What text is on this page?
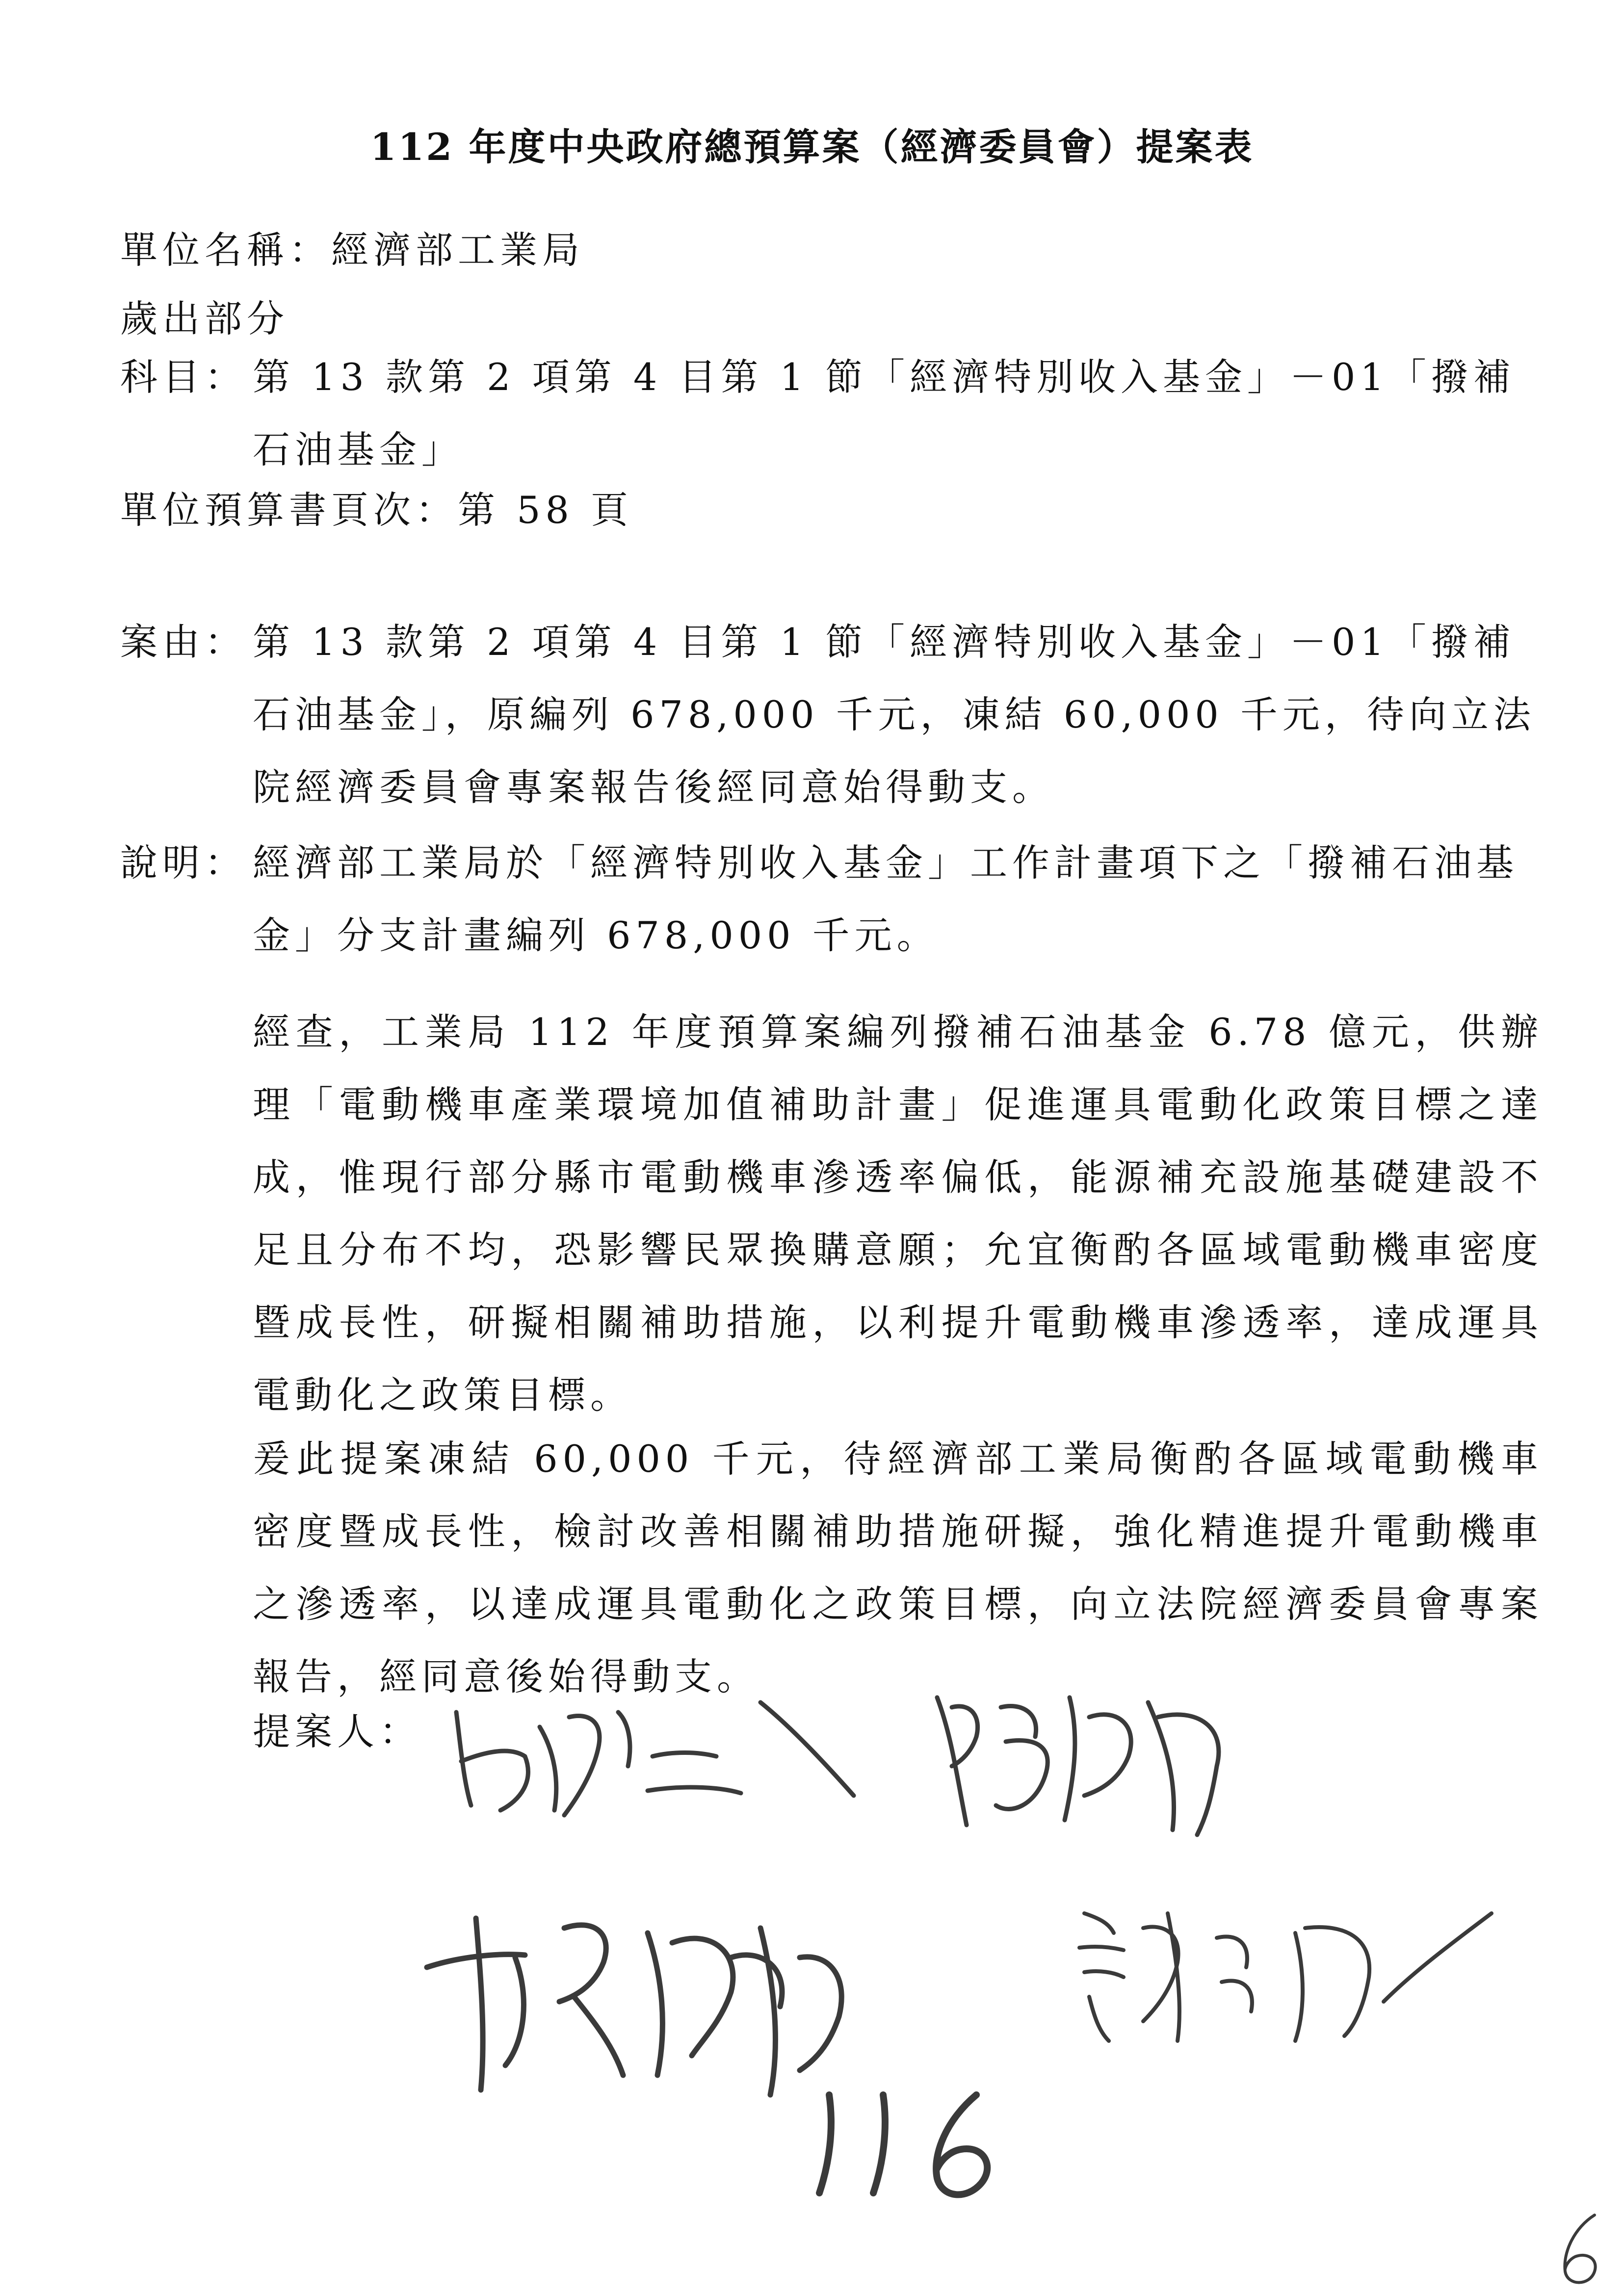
112 年度中央政府總預算案（經濟委員會）提案表
單位名稱：經濟部工業局
歲出部分
科目： 第 13 款第 2 項第 4 目第 1 節「經濟特別收入基金」－01「撥補石油基金」
單位預算書頁次：第 58 頁
案由： 第 13 款第 2 項第 4 目第 1 節「經濟特別收入基金」－01「撥補石油基金」，原編列 678,000 千元，凍結 60,000 千元，待向立法院經濟委員會專案報告後經同意始得動支。
說明： 經濟部工業局於「經濟特別收入基金」工作計畫項下之「撥補石油基金」分支計畫編列 678,000 千元。
經查，工業局 112 年度預算案編列撥補石油基金 6.78 億元，供辦理「電動機車產業環境加值補助計畫」促進運具電動化政策目標之達成，惟現行部分縣市電動機車滲透率偏低，能源補充設施基礎建設不足且分布不均，恐影響民眾換購意願；允宜衡酌各區域電動機車密度暨成長性，研擬相關補助措施，以利提升電動機車滲透率，達成運具電動化之政策目標。
爰此提案凍結 60,000 千元，待經濟部工業局衡酌各區域電動機車密度暨成長性，檢討改善相關補助措施研擬，強化精進提升電動機車之滲透率，以達成運具電動化之政策目標，向立法院經濟委員會專案報告，經同意後始得動支。
提案人：
